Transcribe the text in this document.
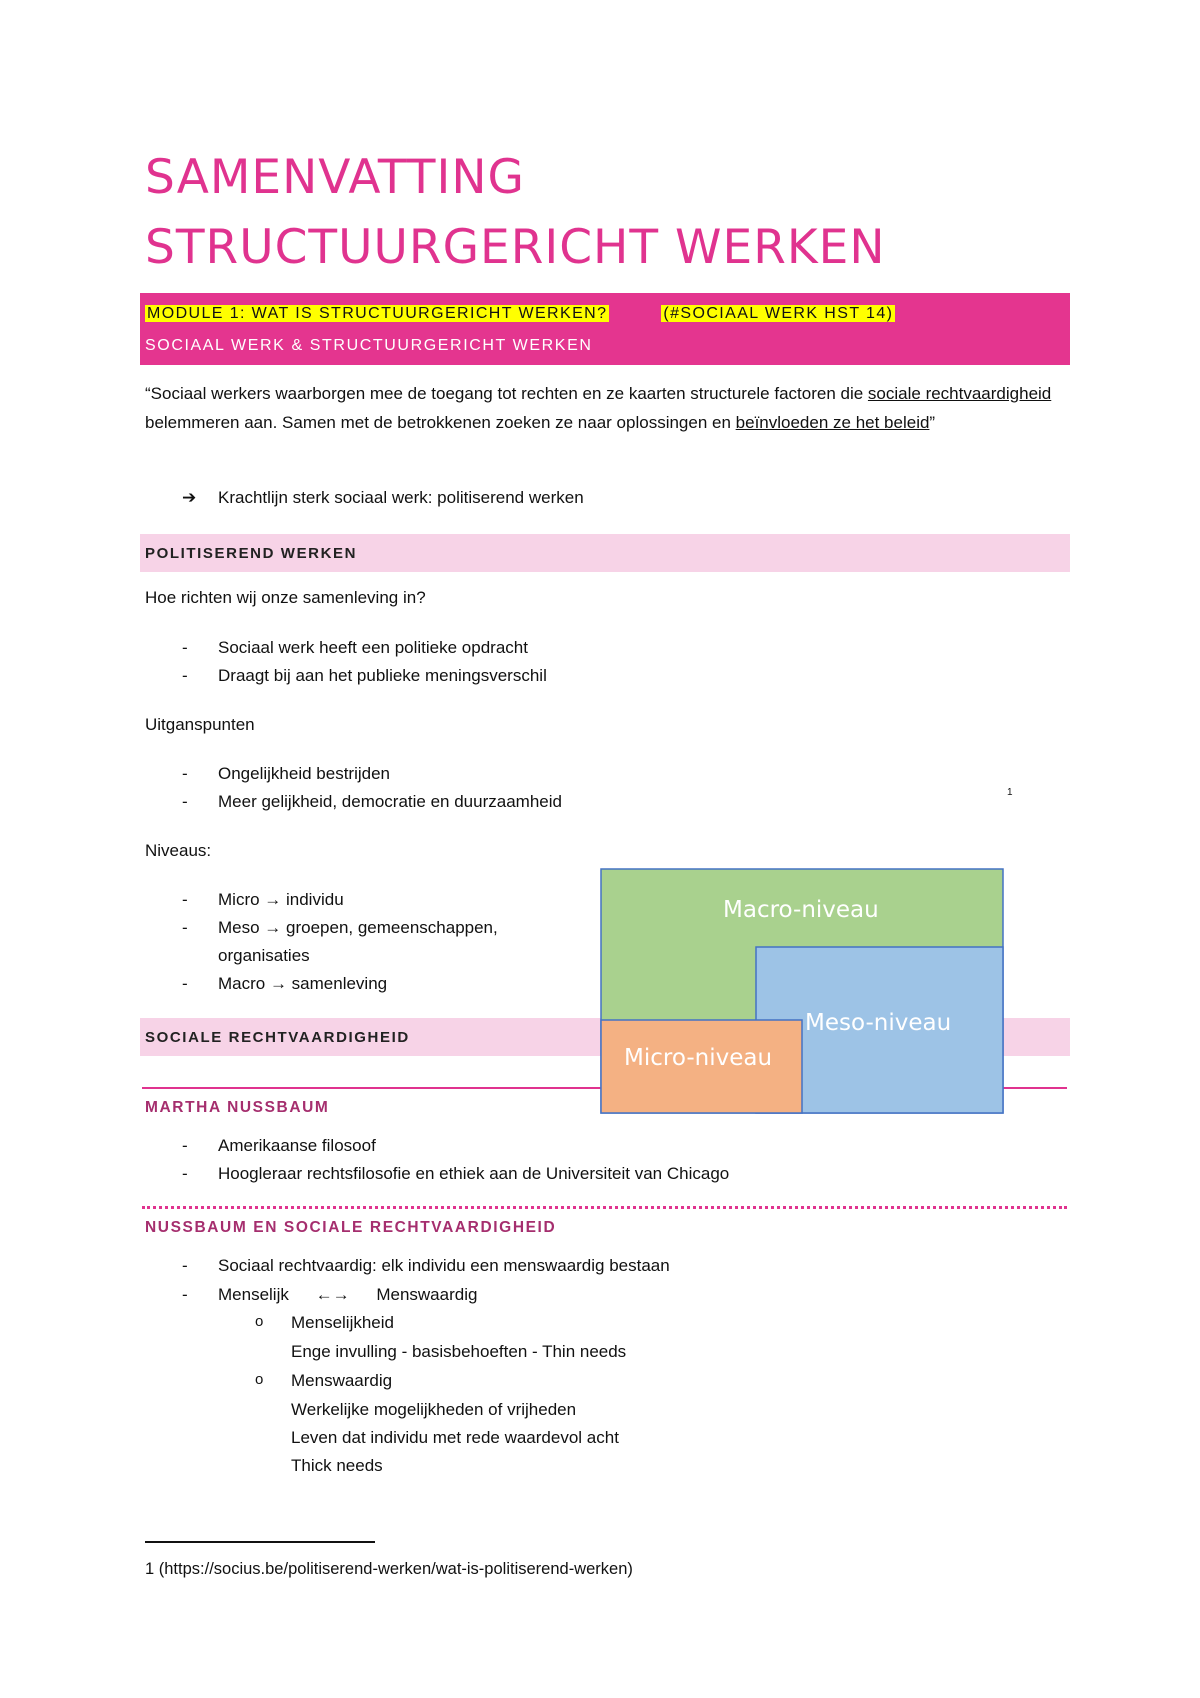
SAMENVATTING
STRUCTUURGERICHT WERKEN
MODULE 1: WAT IS STRUCTUURGERICHT WERKEN?	(#SOCIAAL WERK HST 14)
SOCIAAL WERK & STRUCTUURGERICHT WERKEN
“Sociaal werkers waarborgen mee de toegang tot rechten en ze kaarten structurele factoren die sociale rechtvaardigheid belemmeren aan. Samen met de betrokkenen zoeken ze naar oplossingen en beïnvloeden ze het beleid”
➔ Krachtlijn sterk sociaal werk: politiserend werken
POLITISEREND WERKEN
Hoe richten wij onze samenleving in?
- Sociaal werk heeft een politieke opdracht
- Draagt bij aan het publieke meningsverschil
Uitganspunten
- Ongelijkheid bestrijden
- Meer gelijkheid, democratie en duurzaamheid	1
Niveaus:
- Micro → individu
- Meso → groepen, gemeenschappen,
organisaties
- Macro → samenleving
SOCIALE RECHTVAARDIGHEID
MARTHA NUSSBAUM
- Amerikaanse filosoof
- Hoogleraar rechtsfilosofie en ethiek aan de Universiteit van Chicago
NUSSBAUM EN SOCIALE RECHTVAARDIGHEID
- Sociaal rechtvaardig: elk individu een menswaardig bestaan
- Menselijk ←→ Menswaardig
o Menselijkheid
Enge invulling - basisbehoeften - Thin needs
o Menswaardig
Werkelijke mogelijkheden of vrijheden
Leven dat individu met rede waardevol acht
Thick needs
Macro-niveau
Meso-niveau
Micro-niveau
1 (https://socius.be/politiserend-werken/wat-is-politiserend-werken)
